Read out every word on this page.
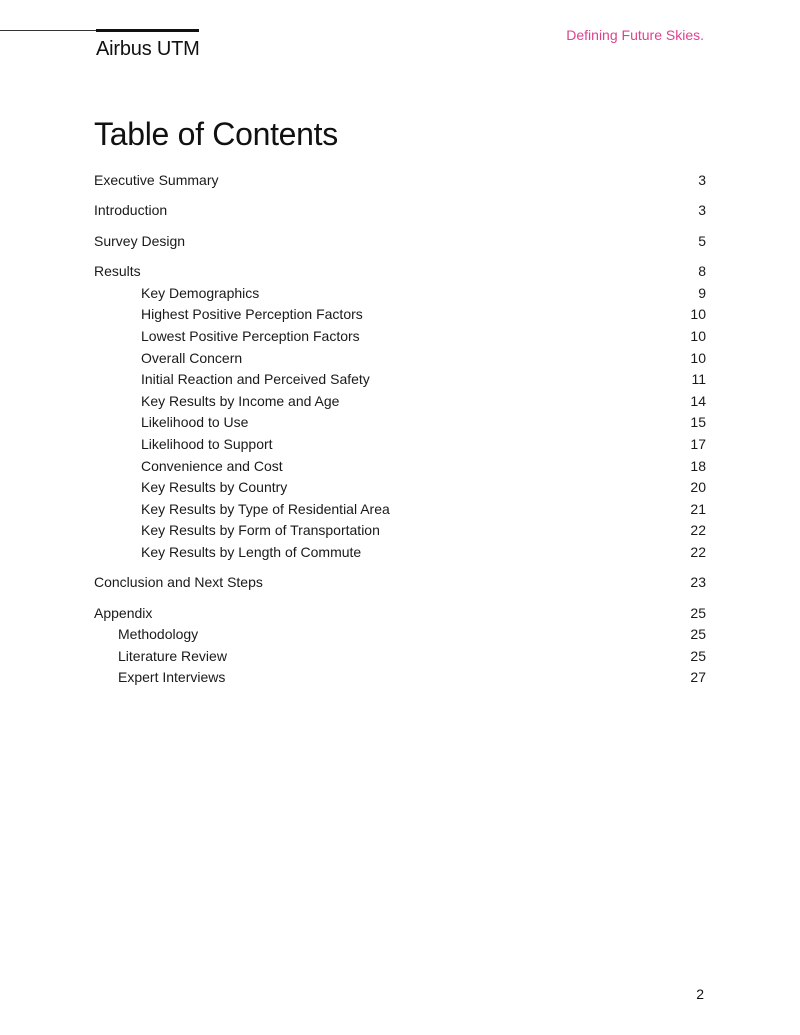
Airbus UTM
Defining Future Skies.
Table of Contents
Executive Summary	3
Introduction	3
Survey Design	5
Results	8
Key Demographics	9
Highest Positive Perception Factors	10
Lowest Positive Perception Factors	10
Overall Concern	10
Initial Reaction and Perceived Safety	11
Key Results by Income and Age	14
Likelihood to Use	15
Likelihood to Support	17
Convenience and Cost	18
Key Results by Country	20
Key Results by Type of Residential Area	21
Key Results by Form of Transportation	22
Key Results by Length of Commute	22
Conclusion and Next Steps	23
Appendix	25
Methodology	25
Literature Review	25
Expert Interviews	27
2
